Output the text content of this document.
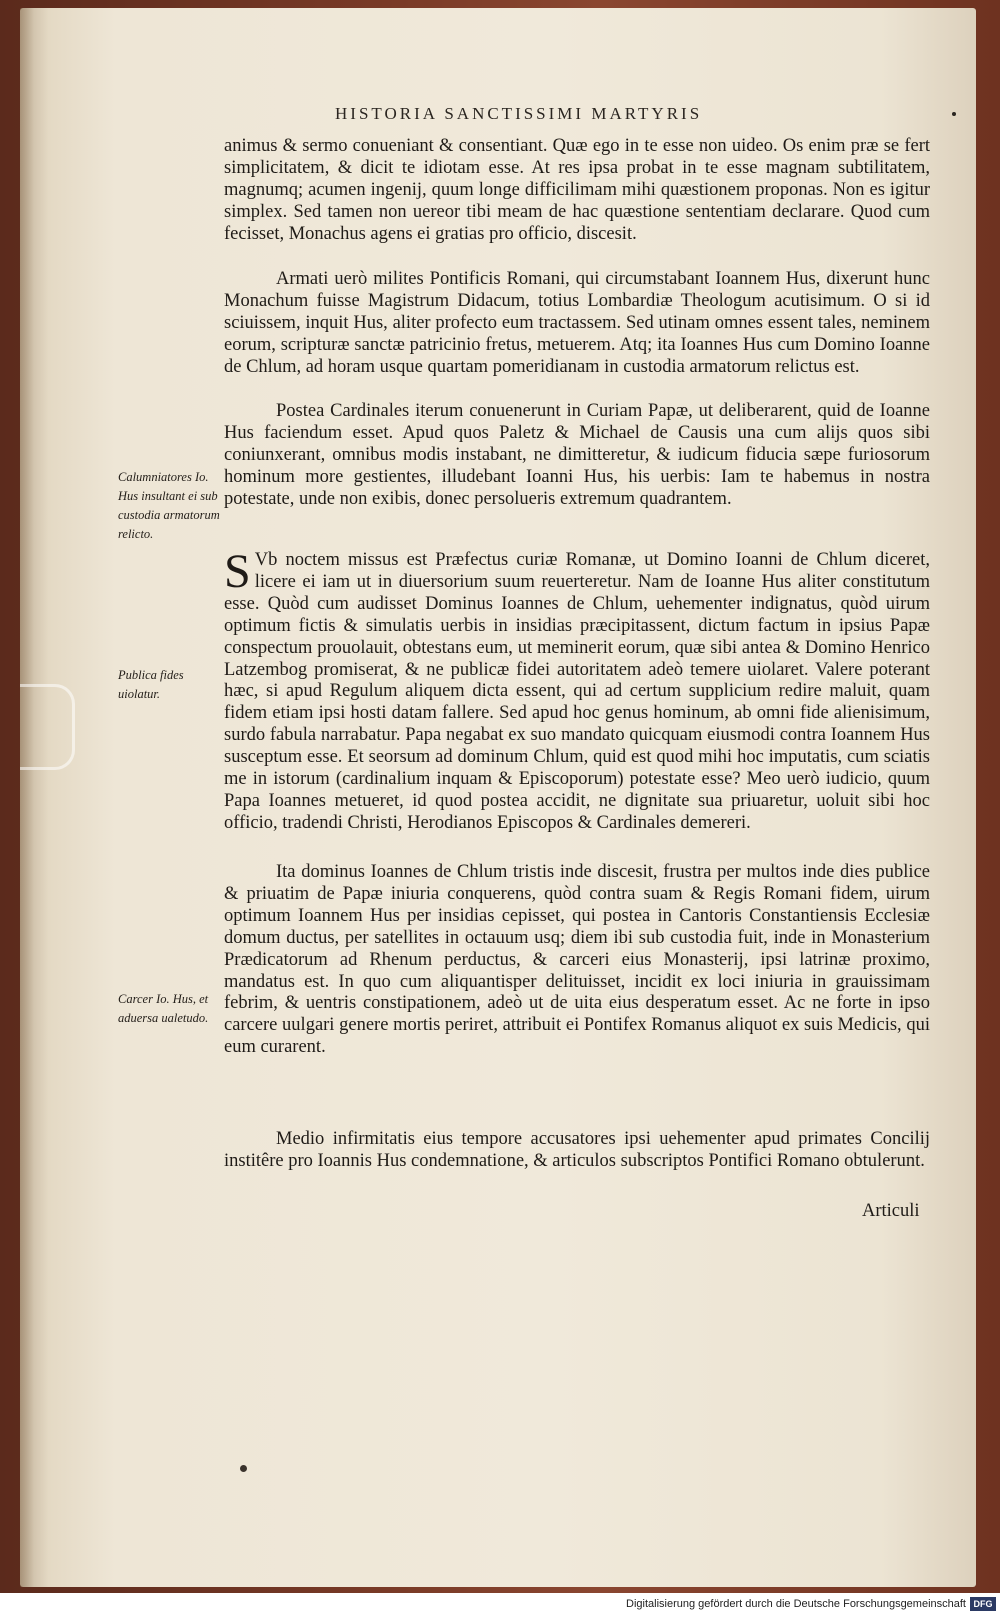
HISTORIA SANCTISSIMI MARTYRIS

animus & sermo conueniant & consentiant. Quæ ego in te esse non uideo. Os enim præ se fert simplicitatem, & dicit te idiotam esse. At res ipsa probat in te esse magnam subtilitatem, magnumq; acumen ingenij, quum longe difficilimam mihi quæstionem proponas. Non es igitur simplex. Sed tamen non uereor tibi meam de hac quæstione sententiam declarare. Quod cum fecisset, Monachus agens ei gratias pro officio, discesit.

Armati uerò milites Pontificis Romani, qui circumstabant Ioannem Hus, dixerunt hunc Monachum fuisse Magistrum Didacum, totius Lombardiæ Theologum acutisimum. O si id sciuissem, inquit Hus, aliter profecto eum tractassem. Sed utinam omnes essent tales, neminem eorum, scripturæ sanctæ patricinio fretus, metuerem. Atq; ita Ioannes Hus cum Domino Ioanne de Chlum, ad horam usque quartam pomeridianam in custodia armatorum relictus est.

Postea Cardinales iterum conuenerunt in Curiam Papæ, ut deliberarent, quid de Ioanne Hus faciendum esset. Apud quos Paletz & Michael de Causis una cum alijs quos sibi coniunxerant, omnibus modis instabant, ne dimitteretur, & iudicum fiducia sæpe furiosorum hominum more gestientes, illudebant Ioanni Hus, his uerbis: Iam te habemus in nostra potestate, unde non exibis, donec persolueris extremum quadrantem.

S Vb noctem missus est Præfectus curiæ Romanæ, ut Domino Ioanni de Chlum diceret, licere ei iam ut in diuersorium suum reuerteretur. Nam de Ioanne Hus aliter constitutum esse. Quòd cum audisset Dominus Ioannes de Chlum, uehementer indignatus, quòd uirum optimum fictis & simulatis uerbis in insidias præcipitassent, dictum factum in ipsius Papæ conspectum prouolauit, obtestans eum, ut meminerit eorum, quæ sibi antea & Domino Henrico Latzembog promiserat, & ne publicæ fidei autoritatem adeò temere uiolaret. Valere poterant hæc, si apud Regulum aliquem dicta essent, qui ad certum supplicium redire maluit, quam fidem etiam ipsi hosti datam fallere. Sed apud hoc genus hominum, ab omni fide alienisimum, surdo fabula narrabatur. Papa negabat ex suo mandato quicquam eiusmodi contra Ioannem Hus susceptum esse. Et seorsum ad dominum Chlum, quid est quod mihi hoc imputatis, cum sciatis me in istorum (cardinalium inquam & Episcoporum) potestate esse? Meo uerò iudicio, quum Papa Ioannes metueret, id quod postea accidit, ne dignitate sua priuaretur, uoluit sibi hoc officio, tradendi Christi, Herodianos Episcopos & Cardinales demereri.

Ita dominus Ioannes de Chlum tristis inde discesit, frustra per multos inde dies publice & priuatim de Papæ iniuria conquerens, quòd contra suam & Regis Romani fidem, uirum optimum Ioannem Hus per insidias cepisset, qui postea in Cantoris Constantiensis Ecclesiæ domum ductus, per satellites in octauum usq; diem ibi sub custodia fuit, inde in Monasterium Prædicatorum ad Rhenum perductus, & carceri eius Monasterij, ipsi latrinæ proximo, mandatus est. In quo cum aliquantisper delituisset, incidit ex loci iniuria in grauissimam febrim, & uentris constipationem, adeò ut de uita eius desperatum esset. Ac ne forte in ipso carcere uulgari genere mortis periret, attribuit ei Pontifex Romanus aliquot ex suis Medicis, qui eum curarent.

Medio infirmitatis eius tempore accusatores ipsi uehementer apud primates Concilij institêre pro Ioannis Hus condemnatione, & articulos subscriptos Pontifici Romano obtulerunt.

Calumniatores Io. Hus insultant ei sub custodia armatorum relicto.
Publica fides uiolatur.
Carcer Io. Hus, et aduersa ualetudo.
Articuli
Digitalisierung gefördert durch die Deutsche Forschungsgemeinschaft DFG
